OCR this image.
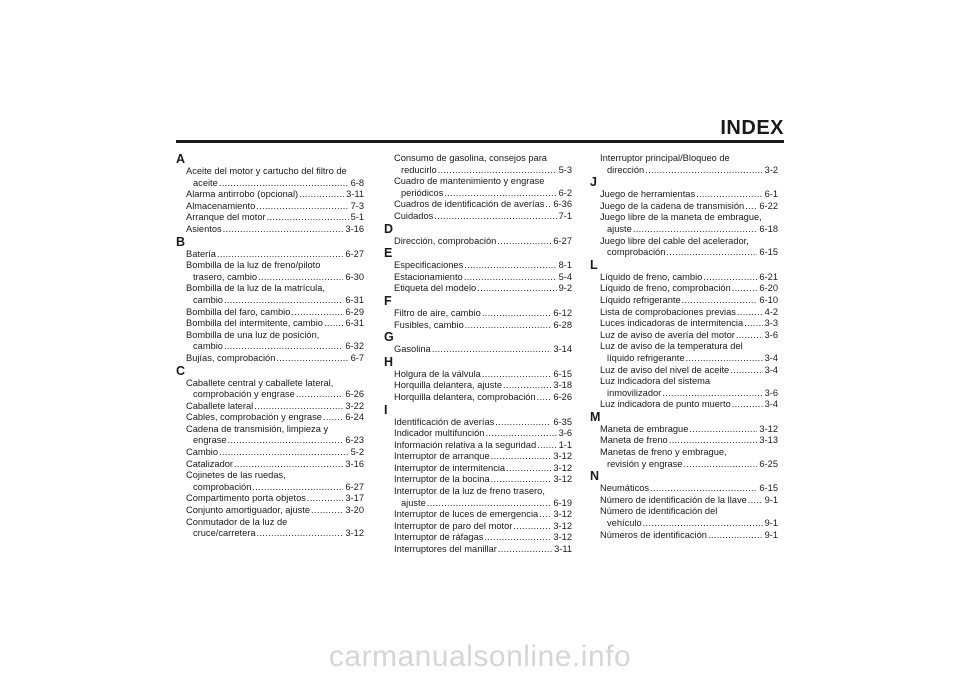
INDEX
A
Aceite del motor y cartucho del filtro de
aceite .....	6-8
Alarma antirrobo (opcional) .....	3-11
Almacenamiento .....	7-3
Arranque del motor .....	5-1
Asientos .....	3-16
B
Batería .....	6-27
Bombilla de la luz de freno/piloto
trasero, cambio .....	6-30
Bombilla de la luz de la matrícula,
cambio .....	6-31
Bombilla del faro, cambio .....	6-29
Bombilla del intermitente, cambio ..... 6-31
Bombilla de una luz de posición,
cambio .....	6-32
Bujías, comprobación .....	6-7
C
Caballete central y caballete lateral,
comprobación y engrase .....	6-26
Caballete lateral .....	3-22
Cables, comprobación y engrase .....	6-24
Cadena de transmisión, limpieza y
engrase .....	6-23
Cambio .....	5-2
Catalizador .....	3-16
Cojinetes de las ruedas,
comprobación .....	6-27
Compartimento porta objetos .....	3-17
Conjunto amortiguador, ajuste .....	3-20
Conmutador de la luz de
cruce/carretera .....	3-12
Consumo de gasolina, consejos para
reducirlo .....	5-3
Cuadro de mantenimiento y engrase
periódicos .....	6-2
Cuadros de identificación de averías ..... 6-36
Cuidados .....	7-1
D
Dirección, comprobación .....	6-27
E
Especificaciones .....	8-1
Estacionamiento .....	5-4
Etiqueta del modelo .....	9-2
F
Filtro de aire, cambio .....	6-12
Fusibles, cambio .....	6-28
G
Gasolina .....	3-14
H
Holgura de la válvula .....	6-15
Horquilla delantera, ajuste .....	3-18
Horquilla delantera, comprobación ..... 6-26
I
Identificación de averías .....	6-35
Indicador multifunción .....	3-6
Información relativa a la seguridad ..... 1-1
Interruptor de arranque .....	3-12
Interruptor de intermitencia .....	3-12
Interruptor de la bocina .....	3-12
Interruptor de la luz de freno trasero,
ajuste .....	6-19
Interruptor de luces de emergencia ..... 3-12
Interruptor de paro del motor .....	3-12
Interruptor de ráfagas .....	3-12
Interruptores del manillar .....	3-11
Interruptor principal/Bloqueo de
dirección .....	3-2
J
Juego de herramientas .....	6-1
Juego de la cadena de transmisión ..... 6-22
Juego libre de la maneta de embrague,
ajuste .....	6-18
Juego libre del cable del acelerador,
comprobación .....	6-15
L
Líquido de freno, cambio .....	6-21
Líquido de freno, comprobación .....	6-20
Líquido refrigerante .....	6-10
Lista de comprobaciones previas .....	4-2
Luces indicadoras de intermitencia ..... 3-3
Luz de aviso de avería del motor .....	3-6
Luz de aviso de la temperatura del
líquido refrigerante .....	3-4
Luz de aviso del nivel de aceite .....	3-4
Luz indicadora del sistema
inmovilizador .....	3-6
Luz indicadora de punto muerto .....	3-4
M
Maneta de embrague .....	3-12
Maneta de freno .....	3-13
Manetas de freno y embrague,
revisión y engrase .....	6-25
N
Neumáticos .....	6-15
Número de identificación de la llave ..... 9-1
Número de identificación del
vehículo .....	9-1
Números de identificación .....	9-1
carmanualsonline.info
